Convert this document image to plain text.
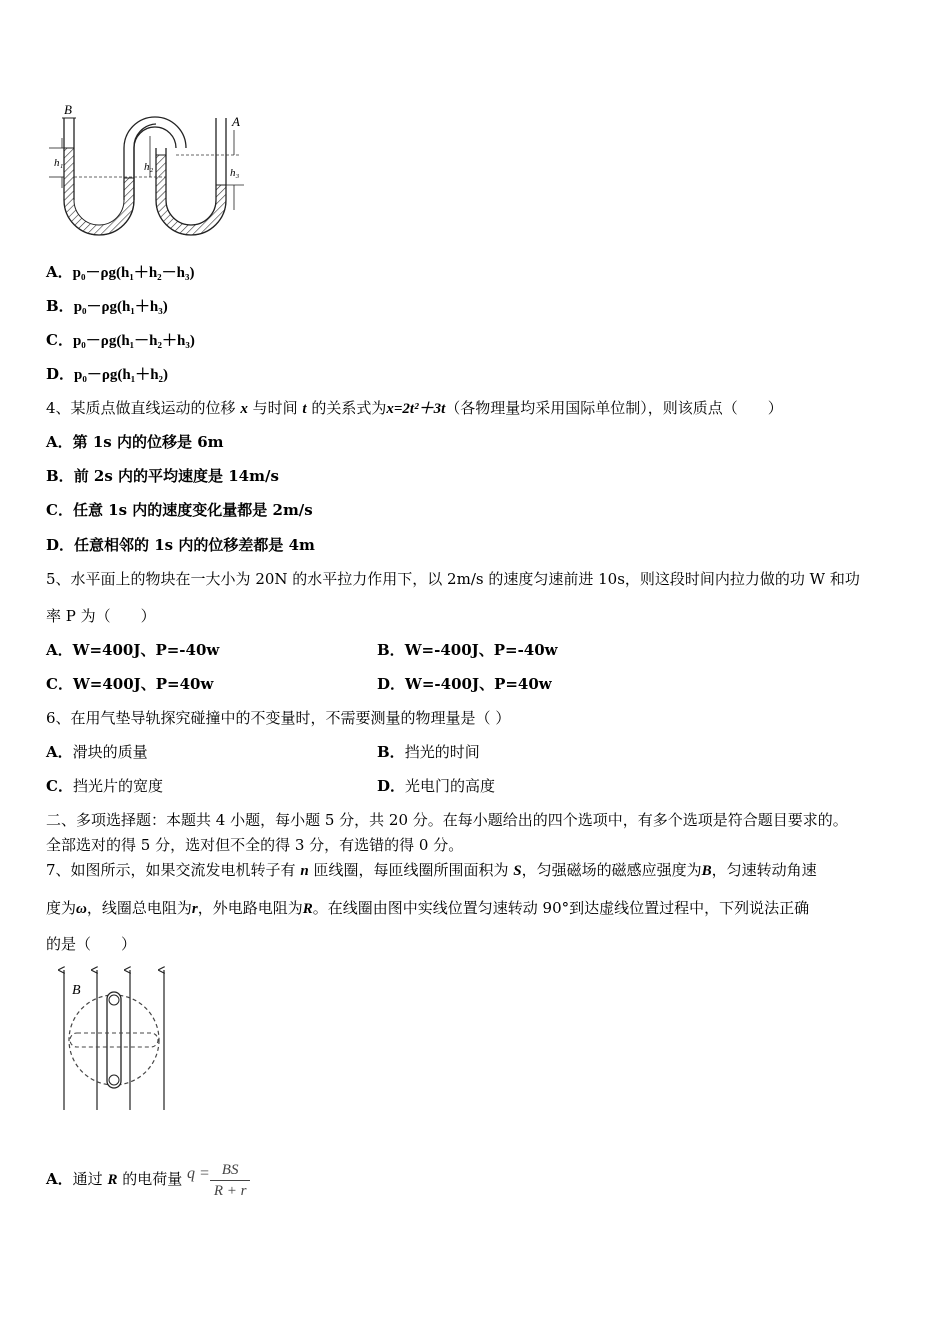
h₁	h₂	h₃
B
A
A．p₀－ρg(h₁＋h₂－h₃)
B．p₀－ρg(h₁＋h₃)
C．p₀－ρg(h₁－h₂＋h₃)
D．p₀－ρg(h₁＋h₂)
4、某质点做直线运动的位移 x 与时间 t 的关系式为x=2t²＋3t（各物理量均采用国际单位制），则该质点（　　）
A．第 1s 内的位移是 6m
B．前 2s 内的平均速度是 14m/s
C．任意 1s 内的速度变化量都是 2m/s
D．任意相邻的 1s 内的位移差都是 4m
5、水平面上的物块在一大小为 20N 的水平拉力作用下，以 2m/s 的速度匀速前进 10s，则这段时间内拉力做的功 W 和功
率 P 为（　　）
A．W=400J、P=-40w	B．W=-400J、P=-40w
C．W=400J、P=40w	D．W=-400J、P=40w
6、在用气垫导轨探究碰撞中的不变量时，不需要测量的物理量是（ ）
A．滑块的质量	B．挡光的时间
C．挡光片的宽度	D．光电门的高度
二、多项选择题：本题共 4 小题，每小题 5 分，共 20 分。在每小题给出的四个选项中，有多个选项是符合题目要求的。
全部选对的得 5 分，选对但不全的得 3 分，有选错的得 0 分。
7、如图所示，如果交流发电机转子有 n 匝线圈，每匝线圈所围面积为 S，匀强磁场的磁感应强度为B，匀速转动角速
度为ω，线圈总电阻为r，外电路电阻为R。在线圈由图中实线位置匀速转动 90°到达虚线位置过程中，下列说法正确
的是（　　）
B
A．通过 R 的电荷量 $q = \frac{BS}{R + r}$
